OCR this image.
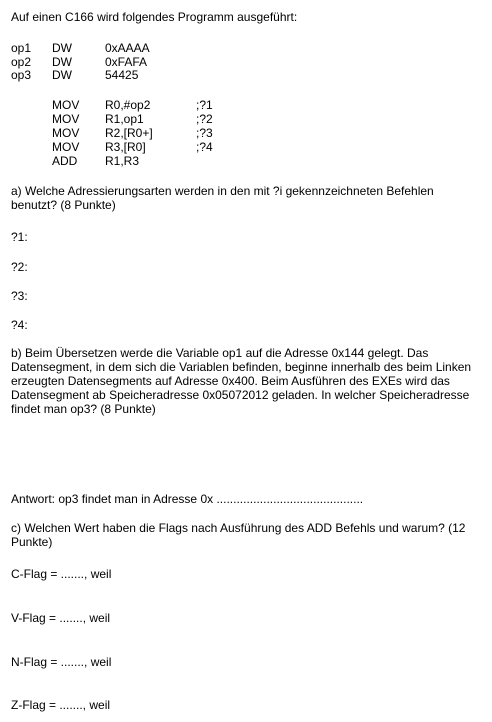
Auf einen C166 wird folgendes Programm ausgeführt:
op1 DW	0xAAAA
op2 DW	0xFAFA
op3 DW	54425
MOV R0,#op2	;?1
MOV R1,op1	;?2
MOV R2,[R0+]	;?3
MOV R3,[R0]	;?4
ADD R1,R3
a) Welche Adressierungsarten werden in den mit ?i gekennzeichneten Befehlen benutzt? (8 Punkte)
?1:
?2:
?3:
?4:
b) Beim Übersetzen werde die Variable op1 auf die Adresse 0x144 gelegt. Das Datensegment, in dem sich die Variablen befinden, beginne innerhalb des beim Linken erzeugten Datensegments auf Adresse 0x400. Beim Ausführen des EXEs wird das Datensegment ab Speicheradresse 0x05072012 geladen. In welcher Speicheradresse findet man op3? (8 Punkte)
Antwort: op3 findet man in Adresse 0x ............................................
c) Welchen Wert haben die Flags nach Ausführung des ADD Befehls und warum? (12 Punkte)
C-Flag = ......., weil
V-Flag = ......., weil
N-Flag = ......., weil
Z-Flag = ......., weil
